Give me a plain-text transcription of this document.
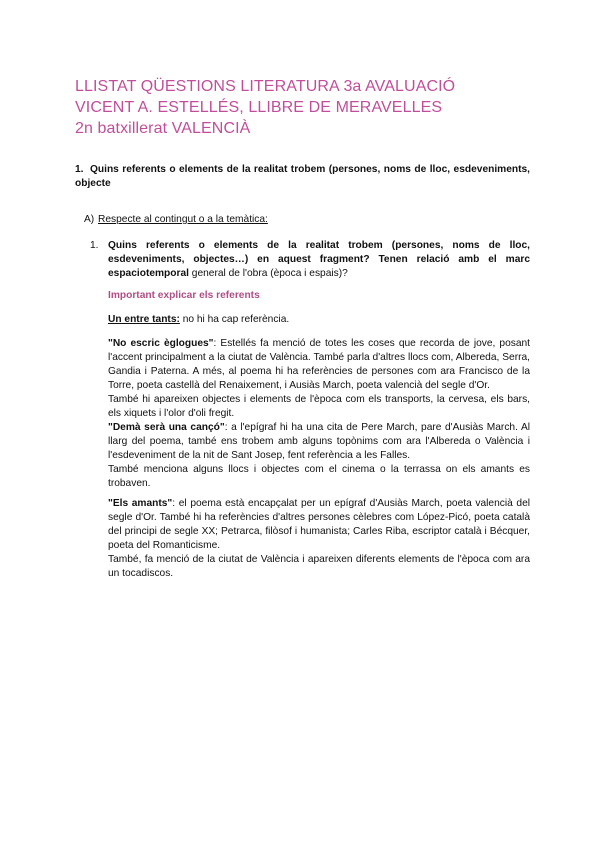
LLISTAT QÜESTIONS LITERATURA 3a AVALUACIÓ
VICENT A. ESTELLÉS, LLIBRE DE MERAVELLES
2n batxillerat VALENCIÀ
1. Quins referents o elements de la realitat trobem (persones, noms de lloc, esdeveniments, objecte
A) Respecte al contingut o a la temàtica:
1. Quins referents o elements de la realitat trobem (persones, noms de lloc, esdeveniments, objectes…) en aquest fragment? Tenen relació amb el marc espaciotemporal general de l'obra (època i espais)?
Important explicar els referents
Un entre tants: no hi ha cap referència.
"No escric èglogues": Estellés fa menció de totes les coses que recorda de jove, posant l'accent principalment a la ciutat de València. També parla d'altres llocs com, Albereda, Serra, Gandia i Paterna. A més, al poema hi ha referències de persones com ara Francisco de la Torre, poeta castellà del Renaixement, i Ausiàs March, poeta valencià del segle d'Or.
També hi apareixen objectes i elements de l'època com els transports, la cervesa, els bars, els xiquets i l'olor d'oli fregit.
"Demà serà una cançó": a l'epígraf hi ha una cita de Pere March, pare d'Ausiàs March. Al llarg del poema, també ens trobem amb alguns topònims com ara l'Albereda o València i l'esdeveniment de la nit de Sant Josep, fent referència a les Falles.
També menciona alguns llocs i objectes com el cinema o la terrassa on els amants es trobaven.
"Els amants": el poema està encapçalat per un epígraf d'Ausiàs March, poeta valencià del segle d'Or. També hi ha referències d'altres persones cèlebres com López-Picó, poeta català del principi de segle XX; Petrarca, filòsof i humanista; Carles Riba, escriptor català i Bécquer, poeta del Romanticisme.
També, fa menció de la ciutat de València i apareixen diferents elements de l'època com ara un tocadiscos.
